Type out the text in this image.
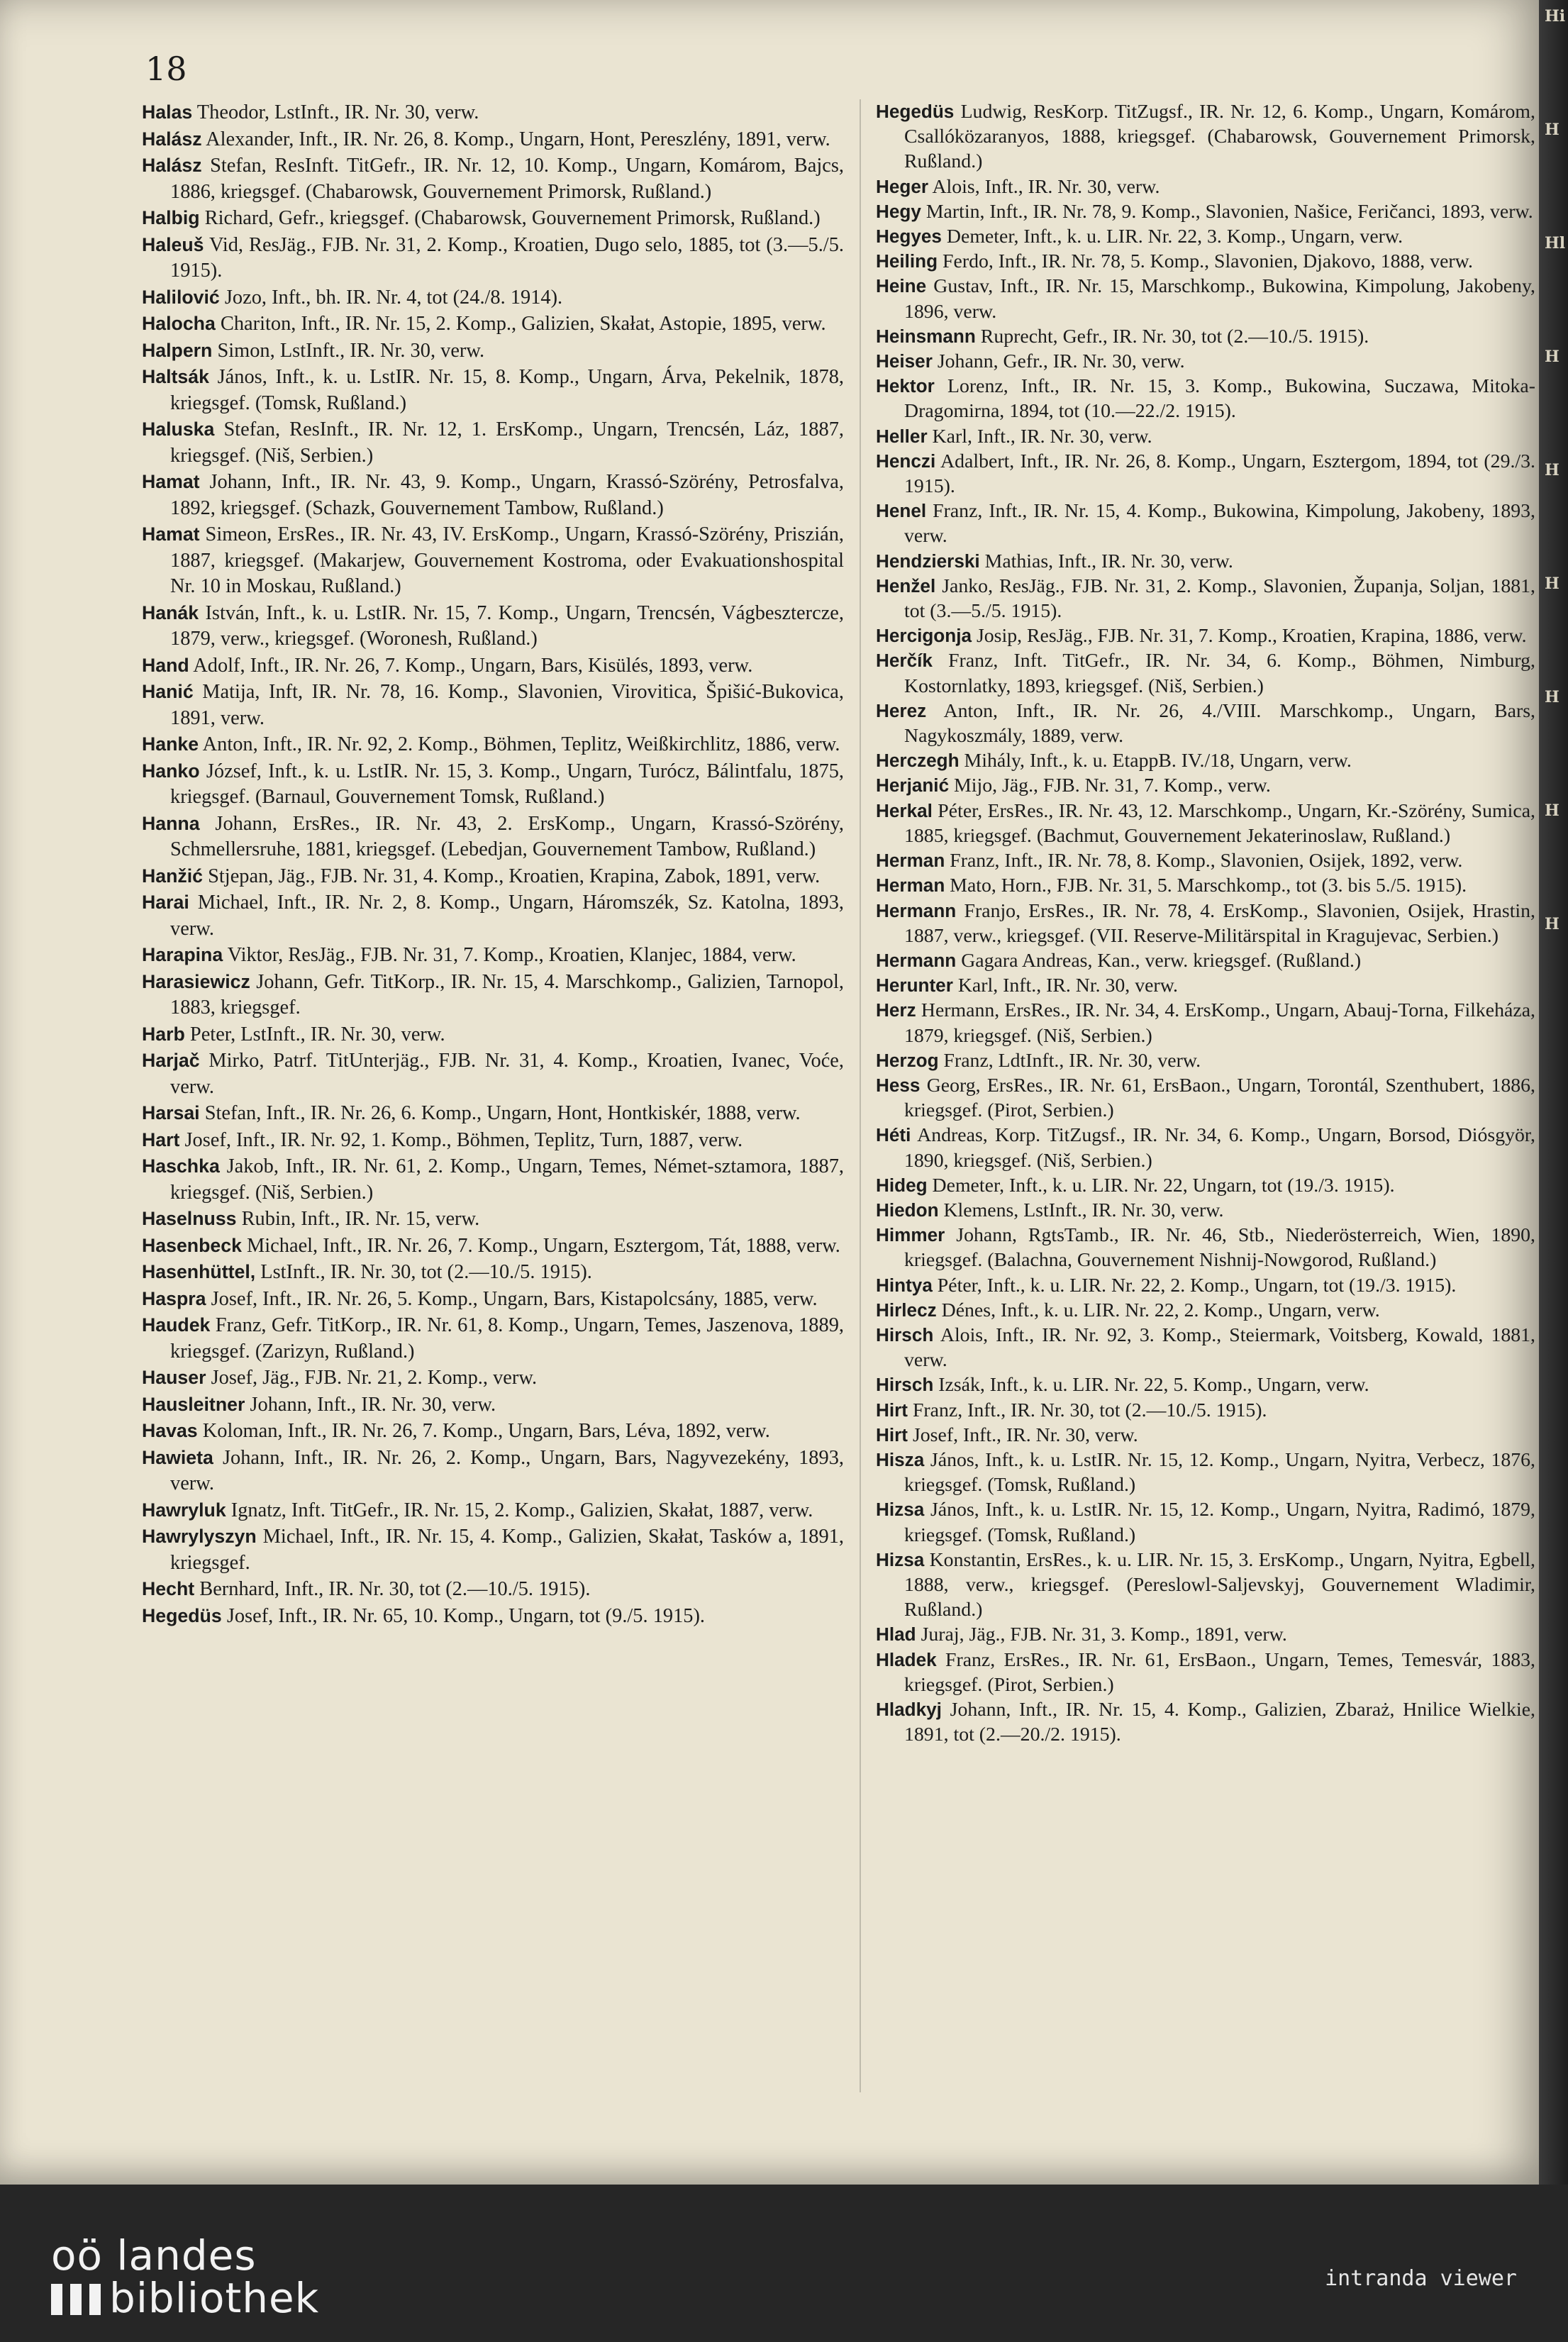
18
Halas Theodor, LstInft., IR. Nr. 30, verw.
Halász Alexander, Inft., IR. Nr. 26, 8. Komp., Ungarn, Hont, Pereszlény, 1891, verw.
Halász Stefan, ResInft. TitGefr., IR. Nr. 12, 10. Komp., Ungarn, Komárom, Bajcs, 1886, kriegsgef. (Chabarowsk, Gouvernement Primorsk, Rußland.)
Halbig Richard, Gefr., kriegsgef. (Chabarowsk, Gouvernement Primorsk, Rußland.)
Haleuš Vid, ResJäg., FJB. Nr. 31, 2. Komp., Kroatien, Dugo selo, 1885, tot (3.—5./5. 1915).
Halilović Jozo, Inft., bh. IR. Nr. 4, tot (24./8. 1914).
Halocha Chariton, Inft., IR. Nr. 15, 2. Komp., Galizien, Skałat, Astopie, 1895, verw.
Halpern Simon, LstInft., IR. Nr. 30, verw.
Haltsák János, Inft., k. u. LstIR. Nr. 15, 8. Komp., Ungarn, Árva, Pekelnik, 1878, kriegsgef. (Tomsk, Rußland.)
Haluska Stefan, ResInft., IR. Nr. 12, 1. ErsKomp., Ungarn, Trencsén, Láz, 1887, kriegsgef. (Niš, Serbien.)
Hamat Johann, Inft., IR. Nr. 43, 9. Komp., Ungarn, Krassó-Szörény, Petrosfalva, 1892, kriegsgef. (Schazk, Gouvernement Tambow, Rußland.)
Hamat Simeon, ErsRes., IR. Nr. 43, IV. ErsKomp., Ungarn, Krassó-Szörény, Priszián, 1887, kriegsgef. (Makarjew, Gouvernement Kostroma, oder Evakuationshospital Nr. 10 in Moskau, Rußland.)
Hanák István, Inft., k. u. LstIR. Nr. 15, 7. Komp., Ungarn, Trencsén, Vágbesztercze, 1879, verw., kriegsgef. (Woronesh, Rußland.)
Hand Adolf, Inft., IR. Nr. 26, 7. Komp., Ungarn, Bars, Kisülés, 1893, verw.
Hanić Matija, Inft, IR. Nr. 78, 16. Komp., Slavonien, Virovitica, Špišić-Bukovica, 1891, verw.
Hanke Anton, Inft., IR. Nr. 92, 2. Komp., Böhmen, Teplitz, Weißkirchlitz, 1886, verw.
Hanko József, Inft., k. u. LstIR. Nr. 15, 3. Komp., Ungarn, Turócz, Bálintfalu, 1875, kriegsgef. (Barnaul, Gouvernement Tomsk, Rußland.)
Hanna Johann, ErsRes., IR. Nr. 43, 2. ErsKomp., Ungarn, Krassó-Szörény, Schmellersruhe, 1881, kriegsgef. (Lebedjan, Gouvernement Tambow, Rußland.)
Hanžić Stjepan, Jäg., FJB. Nr. 31, 4. Komp., Kroatien, Krapina, Zabok, 1891, verw.
Harai Michael, Inft., IR. Nr. 2, 8. Komp., Ungarn, Háromszék, Sz. Katolna, 1893, verw.
Harapina Viktor, ResJäg., FJB. Nr. 31, 7. Komp., Kroatien, Klanjec, 1884, verw.
Harasiewicz Johann, Gefr. TitKorp., IR. Nr. 15, 4. Marschkomp., Galizien, Tarnopol, 1883, kriegsgef.
Harb Peter, LstInft., IR. Nr. 30, verw.
Harjač Mirko, Patrf. TitUnterjäg., FJB. Nr. 31, 4. Komp., Kroatien, Ivanec, Voće, verw.
Harsai Stefan, Inft., IR. Nr. 26, 6. Komp., Ungarn, Hont, Hontkiskér, 1888, verw.
Hart Josef, Inft., IR. Nr. 92, 1. Komp., Böhmen, Teplitz, Turn, 1887, verw.
Haschka Jakob, Inft., IR. Nr. 61, 2. Komp., Ungarn, Temes, Német-sztamora, 1887, kriegsgef. (Niš, Serbien.)
Haselnuss Rubin, Inft., IR. Nr. 15, verw.
Hasenbeck Michael, Inft., IR. Nr. 26, 7. Komp., Ungarn, Esztergom, Tát, 1888, verw.
Hasenhüttel, LstInft., IR. Nr. 30, tot (2.—10./5. 1915).
Haspra Josef, Inft., IR. Nr. 26, 5. Komp., Ungarn, Bars, Kistapolcsány, 1885, verw.
Haudek Franz, Gefr. TitKorp., IR. Nr. 61, 8. Komp., Ungarn, Temes, Jaszenova, 1889, kriegsgef. (Zarizyn, Rußland.)
Hauser Josef, Jäg., FJB. Nr. 21, 2. Komp., verw.
Hausleitner Johann, Inft., IR. Nr. 30, verw.
Havas Koloman, Inft., IR. Nr. 26, 7. Komp., Ungarn, Bars, Léva, 1892, verw.
Hawieta Johann, Inft., IR. Nr. 26, 2. Komp., Ungarn, Bars, Nagyvezekény, 1893, verw.
Hawryluk Ignatz, Inft. TitGefr., IR. Nr. 15, 2. Komp., Galizien, Skałat, 1887, verw.
Hawrylyszyn Michael, Inft., IR. Nr. 15, 4. Komp., Galizien, Skałat, Tasków a, 1891, kriegsgef.
Hecht Bernhard, Inft., IR. Nr. 30, tot (2.—10./5. 1915).
Hegedüs Josef, Inft., IR. Nr. 65, 10. Komp., Ungarn, tot (9./5. 1915).
Hegedüs Ludwig, ResKorp. TitZugsf., IR. Nr. 12, 6. Komp., Ungarn, Komárom, Csallóközaranyos, 1888, kriegsgef. (Chabarowsk, Gouvernement Primorsk, Rußland.)
Heger Alois, Inft., IR. Nr. 30, verw.
Hegy Martin, Inft., IR. Nr. 78, 9. Komp., Slavonien, Našice, Feričanci, 1893, verw.
Hegyes Demeter, Inft., k. u. LIR. Nr. 22, 3. Komp., Ungarn, verw.
Heiling Ferdo, Inft., IR. Nr. 78, 5. Komp., Slavonien, Djakovo, 1888, verw.
Heine Gustav, Inft., IR. Nr. 15, Marschkomp., Bukowina, Kimpolung, Jakobeny, 1896, verw.
Heinsmann Ruprecht, Gefr., IR. Nr. 30, tot (2.—10./5. 1915).
Heiser Johann, Gefr., IR. Nr. 30, verw.
Hektor Lorenz, Inft., IR. Nr. 15, 3. Komp., Bukowina, Suczawa, Mitoka-Dragomirna, 1894, tot (10.—22./2. 1915).
Heller Karl, Inft., IR. Nr. 30, verw.
Henczi Adalbert, Inft., IR. Nr. 26, 8. Komp., Ungarn, Esztergom, 1894, tot (29./3. 1915).
Henel Franz, Inft., IR. Nr. 15, 4. Komp., Bukowina, Kimpolung, Jakobeny, 1893, verw.
Hendzierski Mathias, Inft., IR. Nr. 30, verw.
Henžel Janko, ResJäg., FJB. Nr. 31, 2. Komp., Slavonien, Županja, Soljan, 1881, tot (3.—5./5. 1915).
Hercigonja Josip, ResJäg., FJB. Nr. 31, 7. Komp., Kroatien, Krapina, 1886, verw.
Herčík Franz, Inft. TitGefr., IR. Nr. 34, 6. Komp., Böhmen, Nimburg, Kostornlatky, 1893, kriegsgef. (Niš, Serbien.)
Herez Anton, Inft., IR. Nr. 26, 4./VIII. Marschkomp., Ungarn, Bars, Nagykoszmály, 1889, verw.
Herczegh Mihály, Inft., k. u. EtappB. IV./18, Ungarn, verw.
Herjanić Mijo, Jäg., FJB. Nr. 31, 7. Komp., verw.
Herkal Péter, ErsRes., IR. Nr. 43, 12. Marschkomp., Ungarn, Kr.-Szörény, Sumica, 1885, kriegsgef. (Bachmut, Gouvernement Jekaterinoslaw, Rußland.)
Herman Franz, Inft., IR. Nr. 78, 8. Komp., Slavonien, Osijek, 1892, verw.
Herman Mato, Horn., FJB. Nr. 31, 5. Marschkomp., tot (3. bis 5./5. 1915).
Hermann Franjo, ErsRes., IR. Nr. 78, 4. ErsKomp., Slavonien, Osijek, Hrastin, 1887, verw., kriegsgef. (VII. Reserve-Militärspital in Kragujevac, Serbien.)
Hermann Gagara Andreas, Kan., verw. kriegsgef. (Rußland.)
Herunter Karl, Inft., IR. Nr. 30, verw.
Herz Hermann, ErsRes., IR. Nr. 34, 4. ErsKomp., Ungarn, Abauj-Torna, Filkeháza, 1879, kriegsgef. (Niš, Serbien.)
Herzog Franz, LdtInft., IR. Nr. 30, verw.
Hess Georg, ErsRes., IR. Nr. 61, ErsBaon., Ungarn, Torontál, Szenthubert, 1886, kriegsgef. (Pirot, Serbien.)
Héti Andreas, Korp. TitZugsf., IR. Nr. 34, 6. Komp., Ungarn, Borsod, Diósgyör, 1890, kriegsgef. (Niš, Serbien.)
Hideg Demeter, Inft., k. u. LIR. Nr. 22, Ungarn, tot (19./3. 1915).
Hiedon Klemens, LstInft., IR. Nr. 30, verw.
Himmer Johann, RgtsTamb., IR. Nr. 46, Stb., Niederösterreich, Wien, 1890, kriegsgef. (Balachna, Gouvernement Nishnij-Nowgorod, Rußland.)
Hintya Péter, Inft., k. u. LIR. Nr. 22, 2. Komp., Ungarn, tot (19./3. 1915).
Hirlecz Dénes, Inft., k. u. LIR. Nr. 22, 2. Komp., Ungarn, verw.
Hirsch Alois, Inft., IR. Nr. 92, 3. Komp., Steiermark, Voitsberg, Kowald, 1881, verw.
Hirsch Izsák, Inft., k. u. LIR. Nr. 22, 5. Komp., Ungarn, verw.
Hirt Franz, Inft., IR. Nr. 30, tot (2.—10./5. 1915).
Hirt Josef, Inft., IR. Nr. 30, verw.
Hisza János, Inft., k. u. LstIR. Nr. 15, 12. Komp., Ungarn, Nyitra, Verbecz, 1876, kriegsgef. (Tomsk, Rußland.)
Hizsa János, Inft., k. u. LstIR. Nr. 15, 12. Komp., Ungarn, Nyitra, Radimó, 1879, kriegsgef. (Tomsk, Rußland.)
Hizsa Konstantin, ErsRes., k. u. LIR. Nr. 15, 3. ErsKomp., Ungarn, Nyitra, Egbell, 1888, verw., kriegsgef. (Pereslowl-Saljevskyj, Gouvernement Wladimir, Rußland.)
Hlad Juraj, Jäg., FJB. Nr. 31, 3. Komp., 1891, verw.
Hladek Franz, ErsRes., IR. Nr. 61, ErsBaon., Ungarn, Temes, Temesvár, 1883, kriegsgef. (Pirot, Serbien.)
Hladkyj Johann, Inft., IR. Nr. 15, 4. Komp., Galizien, Zbaraż, Hnilice Wielkie, 1891, tot (2.—20./2. 1915).
Hi
H
Hl
H
H
H
H
H
H
oö landes
bibliothek	intranda viewer
